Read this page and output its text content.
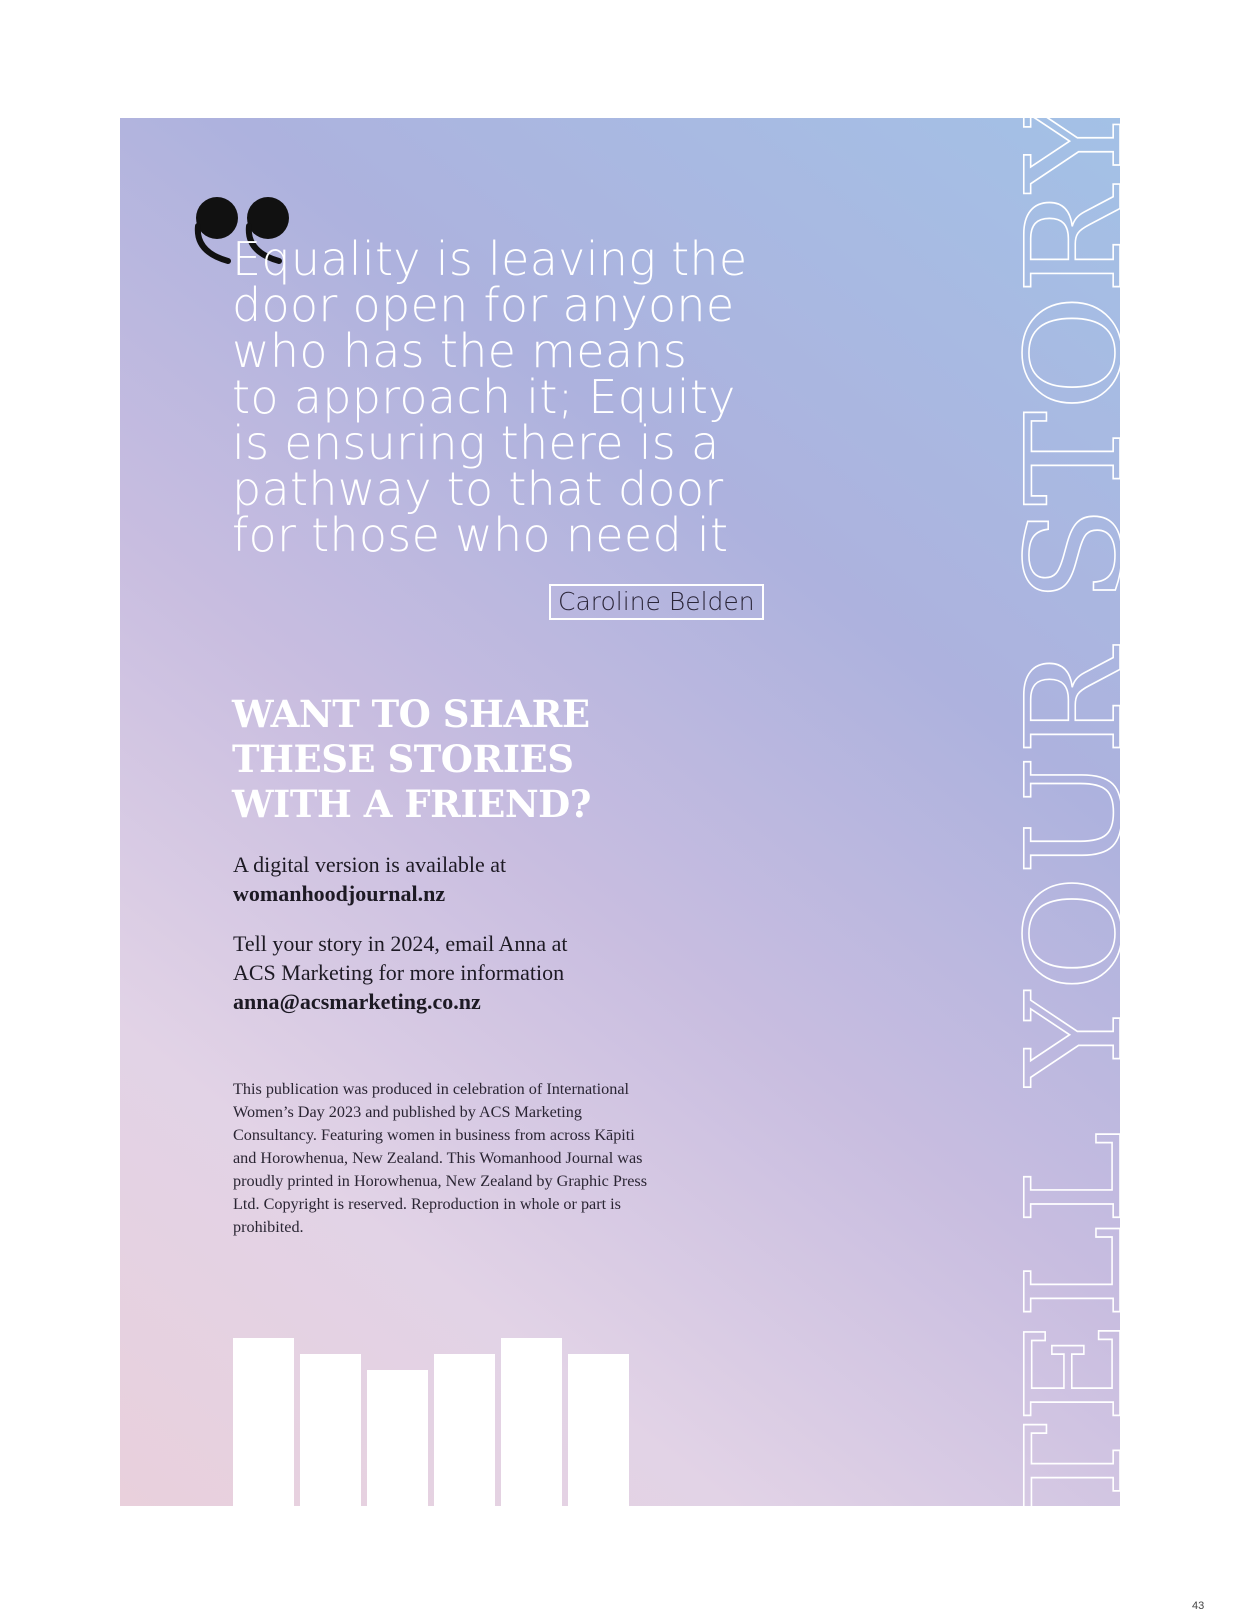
Equality is leaving the
door open for anyone
who has the means
to approach it; Equity
is ensuring there is a
pathway to that door
for those who need it

Caroline Belden
WANT TO SHARE
THESE STORIES
WITH A FRIEND?

A digital version is available at
womanhoodjournal.nz

Tell your story in 2024, email Anna at
ACS Marketing for more information
anna@acsmarketing.co.nz

This publication was produced in celebration of International Women’s Day 2023 and published by ACS Marketing Consultancy. Featuring women in business from across Kāpiti and Horowhenua, New Zealand. This Womanhood Journal was proudly printed in Horowhenua, New Zealand by Graphic Press Ltd. Copyright is reserved. Reproduction in whole or part is prohibited.	TELL YOUR STORY
43
